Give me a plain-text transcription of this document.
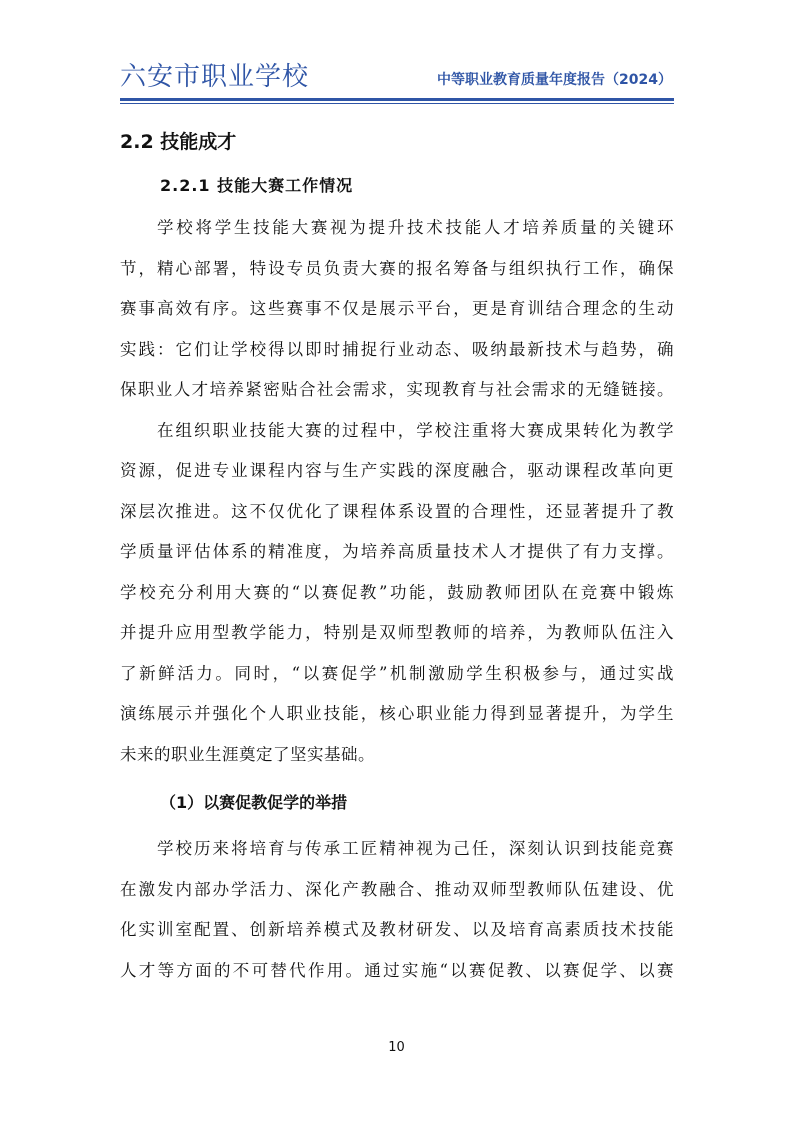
六安市职业学校	中等职业教育质量年度报告（2024）
2.2 技能成才
2.2.1 技能大赛工作情况
学校将学生技能大赛视为提升技术技能人才培养质量的关键环
节，精心部署，特设专员负责大赛的报名筹备与组织执行工作，确保
赛事高效有序。这些赛事不仅是展示平台，更是育训结合理念的生动
实践：它们让学校得以即时捕捉行业动态、吸纳最新技术与趋势，确
保职业人才培养紧密贴合社会需求，实现教育与社会需求的无缝链接。
在组织职业技能大赛的过程中，学校注重将大赛成果转化为教学
资源，促进专业课程内容与生产实践的深度融合，驱动课程改革向更
深层次推进。这不仅优化了课程体系设置的合理性，还显著提升了教
学质量评估体系的精准度，为培养高质量技术人才提供了有力支撑。
学校充分利用大赛的“以赛促教”功能，鼓励教师团队在竞赛中锻炼
并提升应用型教学能力，特别是双师型教师的培养，为教师队伍注入
了新鲜活力。同时，“以赛促学”机制激励学生积极参与，通过实战
演练展示并强化个人职业技能，核心职业能力得到显著提升，为学生
未来的职业生涯奠定了坚实基础。
（1）以赛促教促学的举措
学校历来将培育与传承工匠精神视为己任，深刻认识到技能竞赛
在激发内部办学活力、深化产教融合、推动双师型教师队伍建设、优
化实训室配置、创新培养模式及教材研发、以及培育高素质技术技能
人才等方面的不可替代作用。通过实施“以赛促教、以赛促学、以赛
10
